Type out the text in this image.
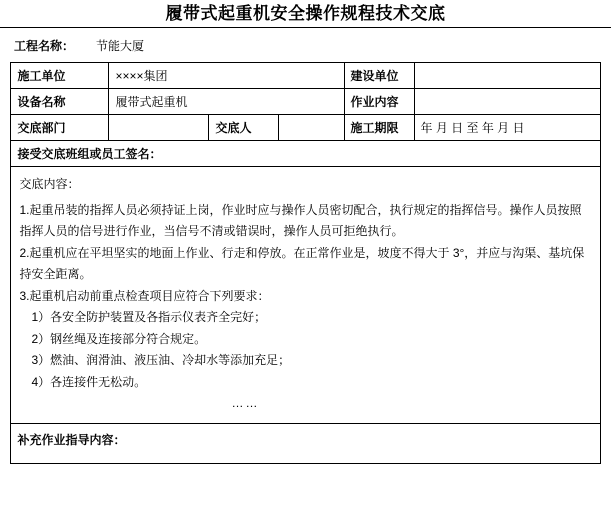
履带式起重机安全操作规程技术交底
工程名称： 节能大厦
施工单位	××××集团			建设单位	
设备名称	履带式起重机			作业内容	
交底部门		交底人		施工期限	年 月 日 至 年 月 日
接受交底班组或员工签名：					

交底内容：

1.起重吊装的指挥人员必须持证上岗，作业时应与操作人员密切配合，执行规定的指挥信号。操作人员按照指挥人员的信号进行作业，当信号不清或错误时，操作人员可拒绝执行。

2.起重机应在平坦坚实的地面上作业、行走和停放。在正常作业是，坡度不得大于 3°，并应与沟渠、基坑保持安全距离。

3.起重机启动前重点检查项目应符合下列要求：

1）各安全防护装置及各指示仪表齐全完好；

2）钢丝绳及连接部分符合规定。

3）燃油、润滑油、液压油、冷却水等添加充足；

4）各连接件无松动。

……

补充作业指导内容：					
